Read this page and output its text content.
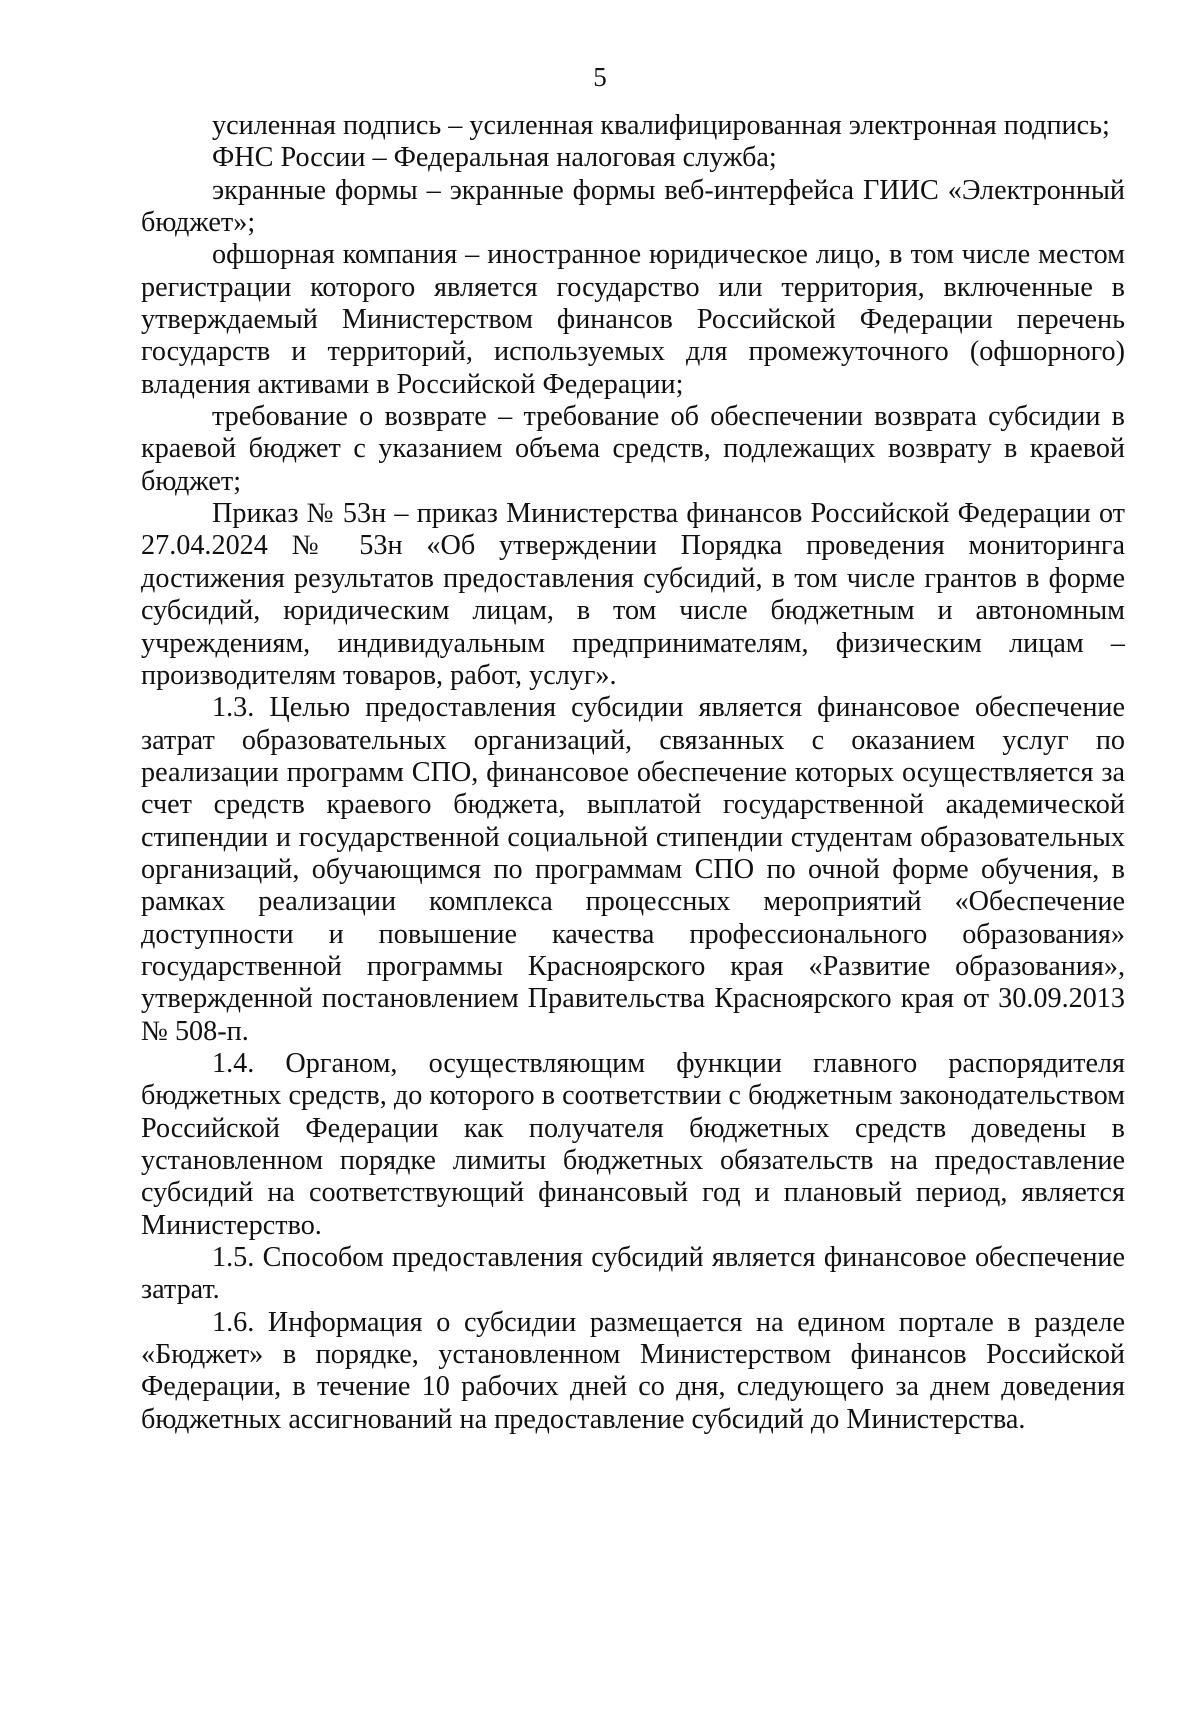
5

усиленная подпись – усиленная квалифицированная электронная подпись;

ФНС России – Федеральная налоговая служба;

экранные формы – экранные формы веб-интерфейса ГИИС «Электронный бюджет»;

офшорная компания – иностранное юридическое лицо, в том числе местом регистрации которого является государство или территория, включенные в утверждаемый Министерством финансов Российской Федерации перечень государств и территорий, используемых для промежуточного (офшорного) владения активами в Российской Федерации;

требование о возврате – требование об обеспечении возврата субсидии в краевой бюджет с указанием объема средств, подлежащих возврату в краевой бюджет;

Приказ № 53н – приказ Министерства финансов Российской Федерации от 27.04.2024 № 53н «Об утверждении Порядка проведения мониторинга достижения результатов предоставления субсидий, в том числе грантов в форме субсидий, юридическим лицам, в том числе бюджетным и автономным учреждениям, индивидуальным предпринимателям, физическим лицам – производителям товаров, работ, услуг».

1.3. Целью предоставления субсидии является финансовое обеспечение затрат образовательных организаций, связанных с оказанием услуг по реализации программ СПО, финансовое обеспечение которых осуществляется за счет средств краевого бюджета, выплатой государственной академической стипендии и государственной социальной стипендии студентам образовательных организаций, обучающимся по программам СПО по очной форме обучения, в рамках реализации комплекса процессных мероприятий «Обеспечение доступности и повышение качества профессионального образования» государственной программы Красноярского края «Развитие образования», утвержденной постановлением Правительства Красноярского края от 30.09.2013 № 508-п.

1.4. Органом, осуществляющим функции главного распорядителя бюджетных средств, до которого в соответствии с бюджетным законодательством Российской Федерации как получателя бюджетных средств доведены в установленном порядке лимиты бюджетных обязательств на предоставление субсидий на соответствующий финансовый год и плановый период, является Министерство.

1.5. Способом предоставления субсидий является финансовое обеспечение затрат.

1.6. Информация о субсидии размещается на едином портале в разделе «Бюджет» в порядке, установленном Министерством финансов Российской Федерации, в течение 10 рабочих дней со дня, следующего за днем доведения бюджетных ассигнований на предоставление субсидий до Министерства.
